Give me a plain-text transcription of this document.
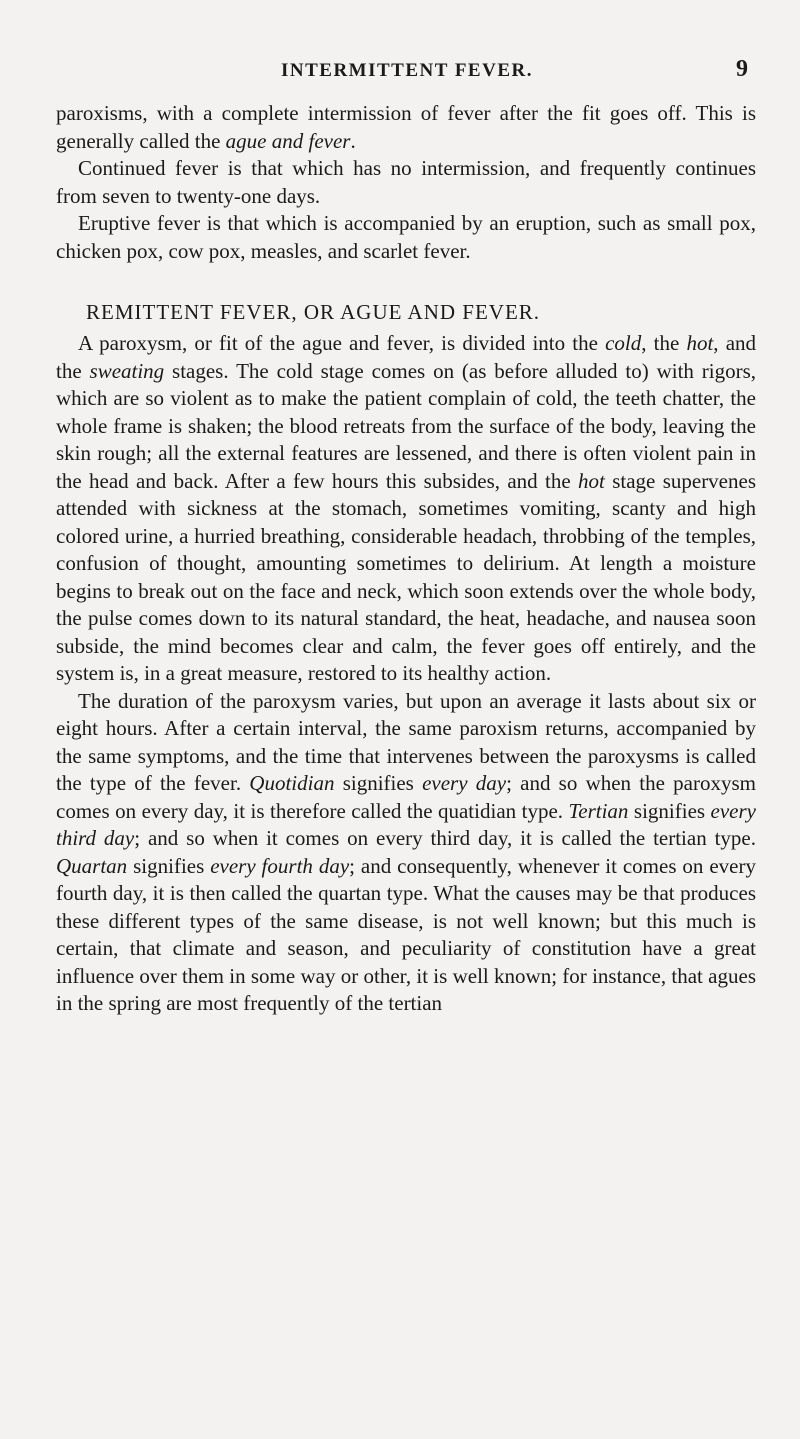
INTERMITTENT FEVER.	9

paroxisms, with a complete intermission of fever after the fit goes off. This is generally called the ague and fever.

Continued fever is that which has no intermission, and frequently continues from seven to twenty-one days.

Eruptive fever is that which is accompanied by an eruption, such as small pox, chicken pox, cow pox, measles, and scarlet fever.

REMITTENT FEVER, OR AGUE AND FEVER.

A paroxysm, or fit of the ague and fever, is divided into the cold, the hot, and the sweating stages. The cold stage comes on (as before alluded to) with rigors, which are so violent as to make the patient complain of cold, the teeth chatter, the whole frame is shaken; the blood retreats from the surface of the body, leaving the skin rough; all the external features are lessened, and there is often violent pain in the head and back. After a few hours this subsides, and the hot stage supervenes attended with sickness at the stomach, sometimes vomiting, scanty and high colored urine, a hurried breathing, considerable headach, throbbing of the temples, confusion of thought, amounting sometimes to delirium. At length a moisture begins to break out on the face and neck, which soon extends over the whole body, the pulse comes down to its natural standard, the heat, headache, and nausea soon subside, the mind becomes clear and calm, the fever goes off entirely, and the system is, in a great measure, restored to its healthy action.

The duration of the paroxysm varies, but upon an average it lasts about six or eight hours. After a certain interval, the same paroxism returns, accompanied by the same symptoms, and the time that intervenes between the paroxysms is called the type of the fever. Quotidian signifies every day; and so when the paroxysm comes on every day, it is therefore called the quatidian type. Tertian signifies every third day; and so when it comes on every third day, it is called the tertian type. Quartan signifies every fourth day; and consequently, whenever it comes on every fourth day, it is then called the quartan type. What the causes may be that produces these different types of the same disease, is not well known; but this much is certain, that climate and season, and peculiarity of constitution have a great influence over them in some way or other, it is well known; for instance, that agues in the spring are most frequently of the tertian
